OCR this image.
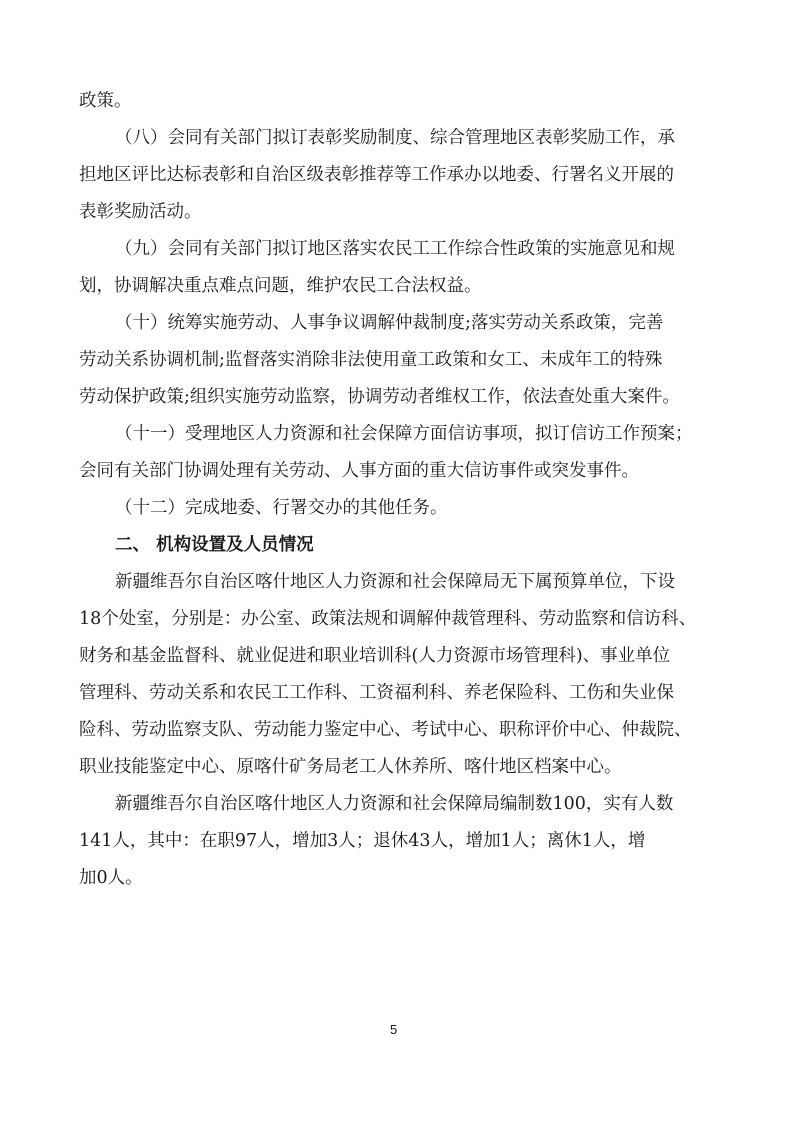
政策。
（八）会同有关部门拟订表彰奖励制度、综合管理地区表彰奖励工作，承
担地区评比达标表彰和自治区级表彰推荐等工作承办以地委、行署名义开展的
表彰奖励活动。
（九）会同有关部门拟订地区落实农民工工作综合性政策的实施意见和规
划，协调解决重点难点问题，维护农民工合法权益。
（十）统筹实施劳动、人事争议调解仲裁制度;落实劳动关系政策，完善
劳动关系协调机制;监督落实消除非法使用童工政策和女工、未成年工的特殊
劳动保护政策;组织实施劳动监察，协调劳动者维权工作，依法查处重大案件。
（十一）受理地区人力资源和社会保障方面信访事项，拟订信访工作预案；
会同有关部门协调处理有关劳动、人事方面的重大信访事件或突发事件。
（十二）完成地委、行署交办的其他任务。
二、 机构设置及人员情况
新疆维吾尔自治区喀什地区人力资源和社会保障局无下属预算单位，下设
18个处室，分别是：办公室、政策法规和调解仲裁管理科、劳动监察和信访科、
财务和基金监督科、就业促进和职业培训科(人力资源市场管理科)、事业单位
管理科、劳动关系和农民工工作科、工资福利科、养老保险科、工伤和失业保
险科、劳动监察支队、劳动能力鉴定中心、考试中心、职称评价中心、仲裁院、
职业技能鉴定中心、原喀什矿务局老工人休养所、喀什地区档案中心。
新疆维吾尔自治区喀什地区人力资源和社会保障局编制数100，实有人数
141人，其中：在职97人，增加3人；退休43人，增加1人；离休1人，增
加0人。
5
